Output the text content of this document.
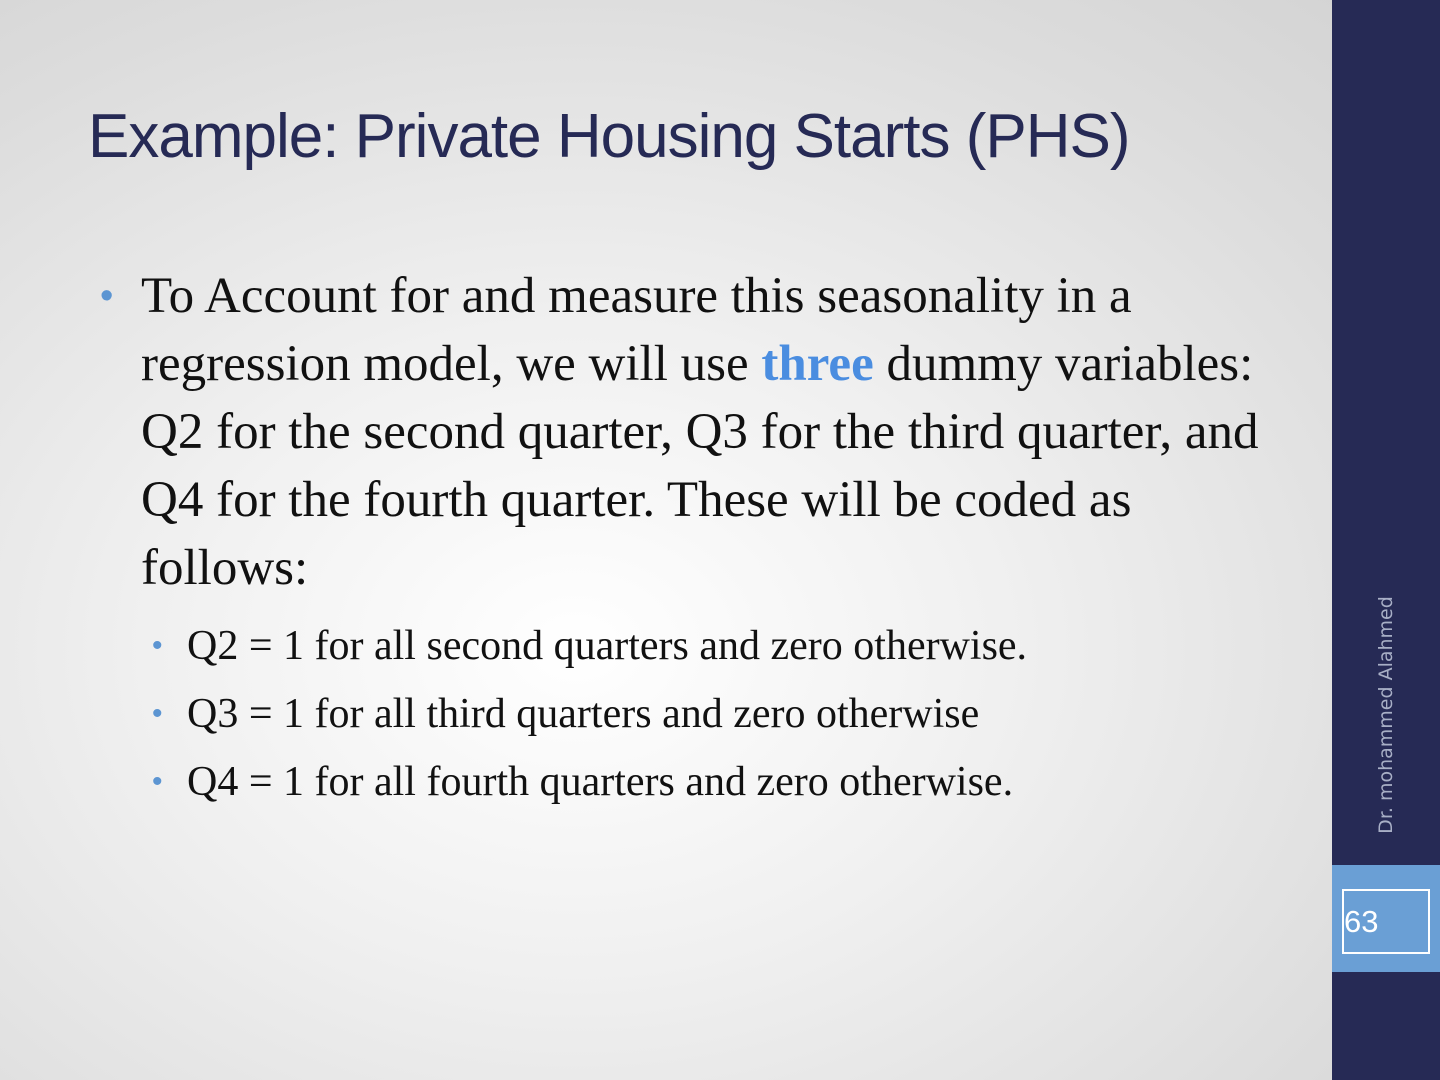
Example: Private Housing Starts (PHS)
• To Account for and measure this seasonality in a regression model, we will use three dummy variables: Q2 for the second quarter, Q3 for the third quarter, and Q4 for the fourth quarter. These will be coded as follows:
• Q2 = 1 for all second quarters and zero otherwise.
• Q3 = 1 for all third quarters and zero otherwise
• Q4 = 1 for all fourth quarters and zero otherwise.	Dr. mohammed Alahmed
63
